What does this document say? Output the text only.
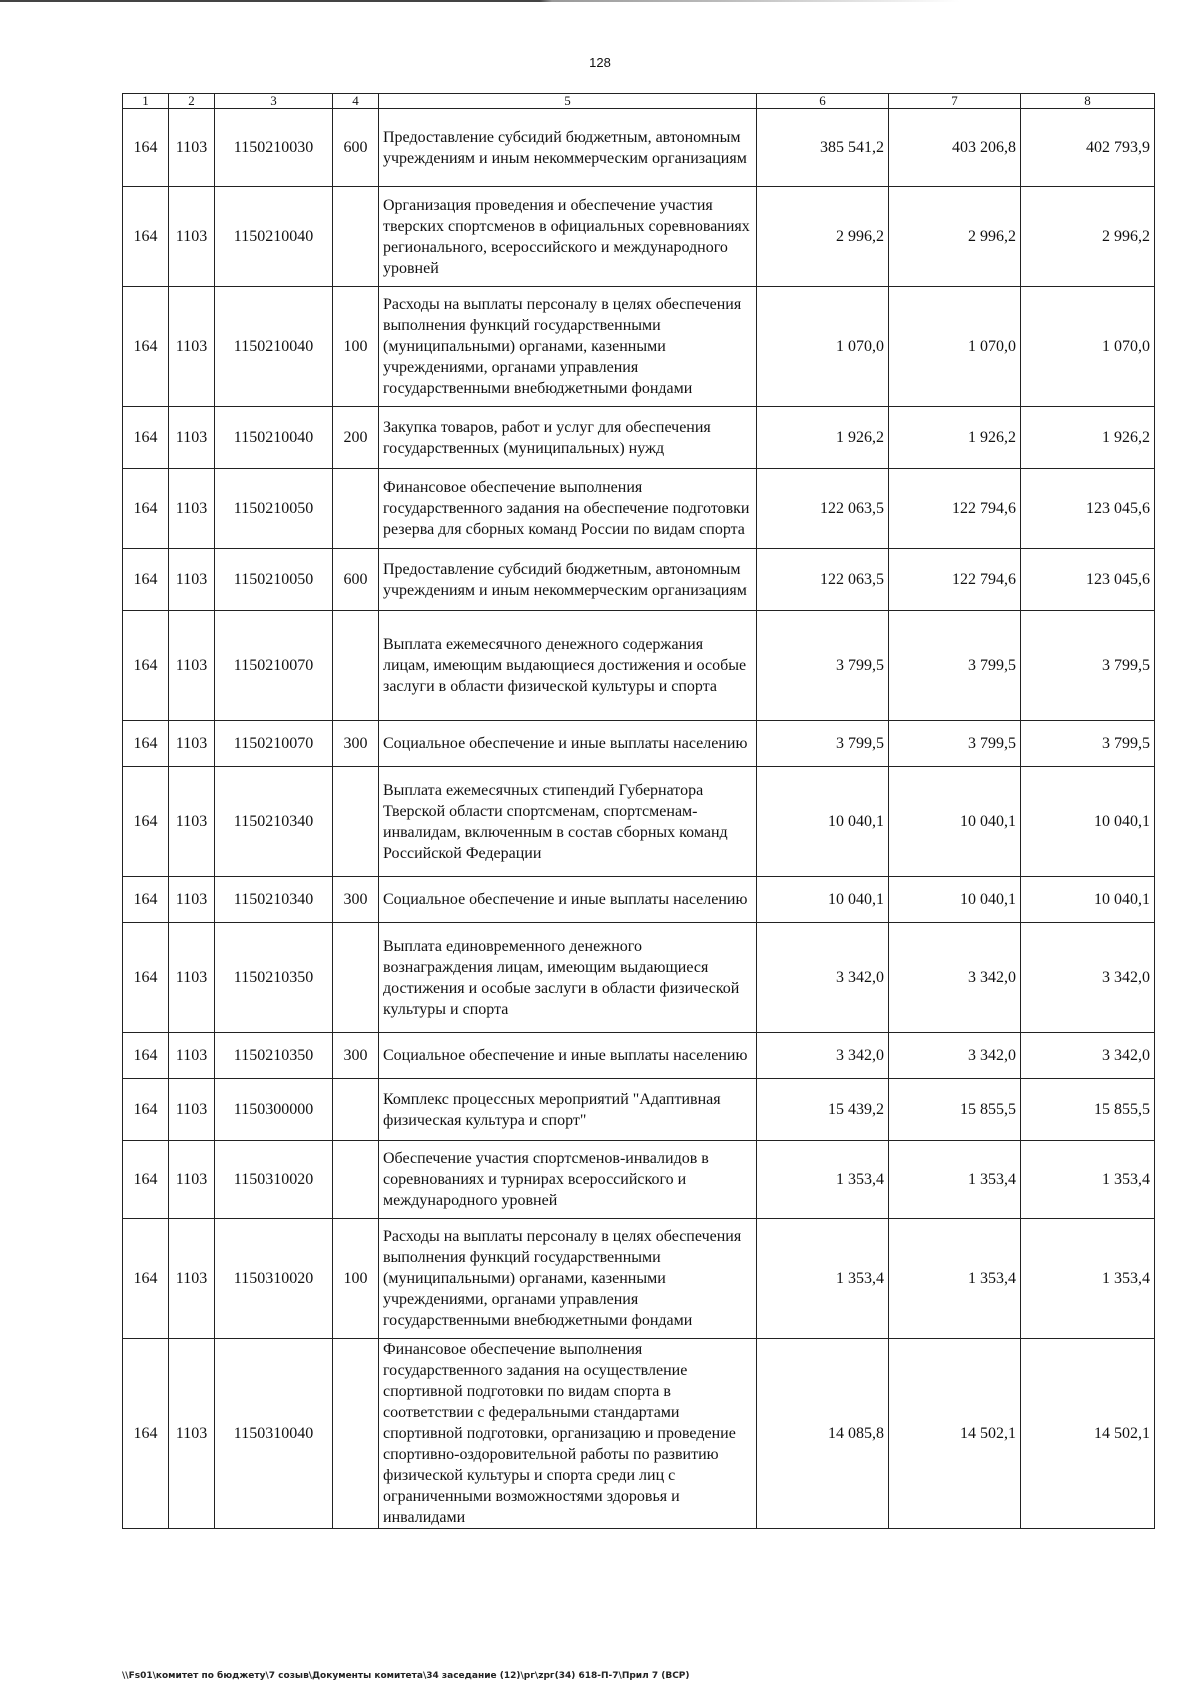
128
1	2	3	4	5	6	7	8
164	1103	1150210030	600	Предоставление субсидий бюджетным, автономным учреждениям и иным некоммерческим организациям	385 541,2	403 206,8	402 793,9
164	1103	1150210040		Организация проведения и обеспечение участия тверских спортсменов в официальных соревнованиях регионального, всероссийского и международного уровней	2 996,2	2 996,2	2 996,2
164	1103	1150210040	100	Расходы на выплаты персоналу в целях обеспечения выполнения функций государственными (муниципальными) органами, казенными учреждениями, органами управления государственными внебюджетными фондами	1 070,0	1 070,0	1 070,0
164	1103	1150210040	200	Закупка товаров, работ и услуг для обеспечения государственных (муниципальных) нужд	1 926,2	1 926,2	1 926,2
164	1103	1150210050		Финансовое обеспечение выполнения государственного задания на обеспечение подготовки резерва для сборных команд России по видам спорта	122 063,5	122 794,6	123 045,6
164	1103	1150210050	600	Предоставление субсидий бюджетным, автономным учреждениям и иным некоммерческим организациям	122 063,5	122 794,6	123 045,6
164	1103	1150210070		Выплата ежемесячного денежного содержания лицам, имеющим выдающиеся достижения и особые заслуги в области физической культуры и спорта	3 799,5	3 799,5	3 799,5
164	1103	1150210070	300	Социальное обеспечение и иные выплаты населению	3 799,5	3 799,5	3 799,5
164	1103	1150210340		Выплата ежемесячных стипендий Губернатора Тверской области спортсменам, спортсменам-инвалидам, включенным в состав сборных команд Российской Федерации	10 040,1	10 040,1	10 040,1
164	1103	1150210340	300	Социальное обеспечение и иные выплаты населению	10 040,1	10 040,1	10 040,1
164	1103	1150210350		Выплата единовременного денежного вознаграждения лицам, имеющим выдающиеся достижения и особые заслуги в области физической культуры и спорта	3 342,0	3 342,0	3 342,0
164	1103	1150210350	300	Социальное обеспечение и иные выплаты населению	3 342,0	3 342,0	3 342,0
164	1103	1150300000		Комплекс процессных мероприятий "Адаптивная физическая культура и спорт"	15 439,2	15 855,5	15 855,5
164	1103	1150310020		Обеспечение участия спортсменов-инвалидов в соревнованиях и турнирах всероссийского и международного уровней	1 353,4	1 353,4	1 353,4
164	1103	1150310020	100	Расходы на выплаты персоналу в целях обеспечения выполнения функций государственными (муниципальными) органами, казенными учреждениями, органами управления государственными внебюджетными фондами	1 353,4	1 353,4	1 353,4
164	1103	1150310040		Финансовое обеспечение выполнения государственного задания на осуществление спортивной подготовки по видам спорта в соответствии с федеральными стандартами спортивной подготовки, организацию и проведение спортивно-оздоровительной работы по развитию физической культуры и спорта среди лиц с ограниченными возможностями здоровья и инвалидами	14 085,8	14 502,1	14 502,1
\\Fs01\комитет по бюджету\7 созыв\Документы комитета\34 заседание (12)\рг\zрг(34) 618-П-7\Прил 7 (ВСР)
